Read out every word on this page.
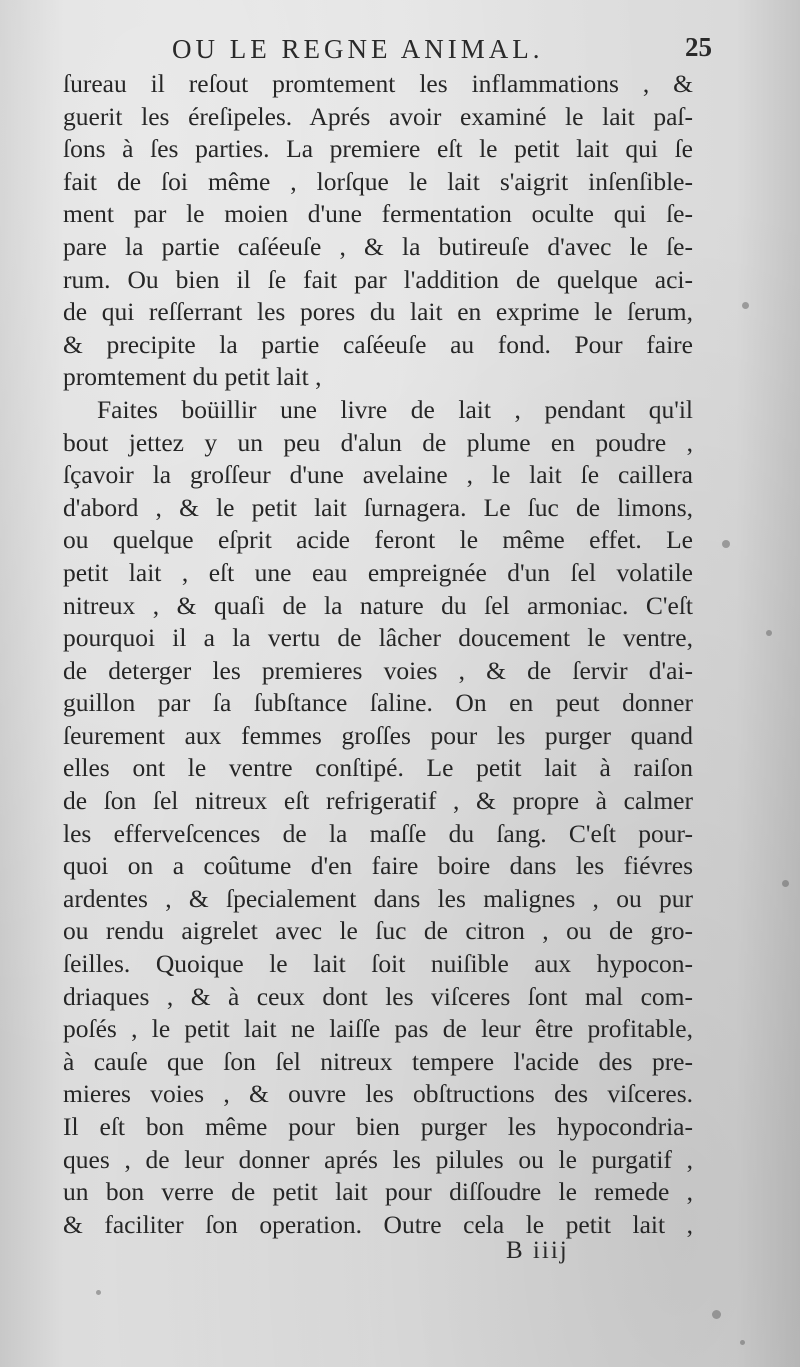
OU LE REGNE ANIMAL.	25
ſureau il reſout promtement les inflammations , &
guerit les éreſipeles. Aprés avoir examiné le lait paſ-
ſons à ſes parties. La premiere eſt le petit lait qui ſe
fait de ſoi même , lorſque le lait s'aigrit inſenſible-
ment par le moien d'une fermentation oculte qui ſe-
pare la partie caſéeuſe , & la butireuſe d'avec le ſe-
rum. Ou bien il ſe fait par l'addition de quelque aci-
de qui reſſerrant les pores du lait en exprime le ſerum,
& precipite la partie caſéeuſe au fond. Pour faire
promtement du petit lait ,
Faites boüillir une livre de lait , pendant qu'il
bout jettez y un peu d'alun de plume en poudre ,
ſçavoir la groſſeur d'une avelaine , le lait ſe caillera
d'abord , & le petit lait ſurnagera. Le ſuc de limons,
ou quelque eſprit acide feront le même effet. Le
petit lait , eſt une eau empreignée d'un ſel volatile
nitreux , & quaſi de la nature du ſel armoniac. C'eſt
pourquoi il a la vertu de lâcher doucement le ventre,
de deterger les premieres voies , & de ſervir d'ai-
guillon par ſa ſubſtance ſaline. On en peut donner
ſeurement aux femmes groſſes pour les purger quand
elles ont le ventre conſtipé. Le petit lait à raiſon
de ſon ſel nitreux eſt refrigeratif , & propre à calmer
les efferveſcences de la maſſe du ſang. C'eſt pour-
quoi on a coûtume d'en faire boire dans les fiévres
ardentes , & ſpecialement dans les malignes , ou pur
ou rendu aigrelet avec le ſuc de citron , ou de gro-
ſeilles. Quoique le lait ſoit nuiſible aux hypocon-
driaques , & à ceux dont les viſceres ſont mal com-
poſés , le petit lait ne laiſſe pas de leur être profitable,
à cauſe que ſon ſel nitreux tempere l'acide des pre-
mieres voies , & ouvre les obſtructions des viſceres.
Il eſt bon même pour bien purger les hypocondria-
ques , de leur donner aprés les pilules ou le purgatif ,
un bon verre de petit lait pour diſſoudre le remede ,
& faciliter ſon operation. Outre cela le petit lait ,
B iiij
